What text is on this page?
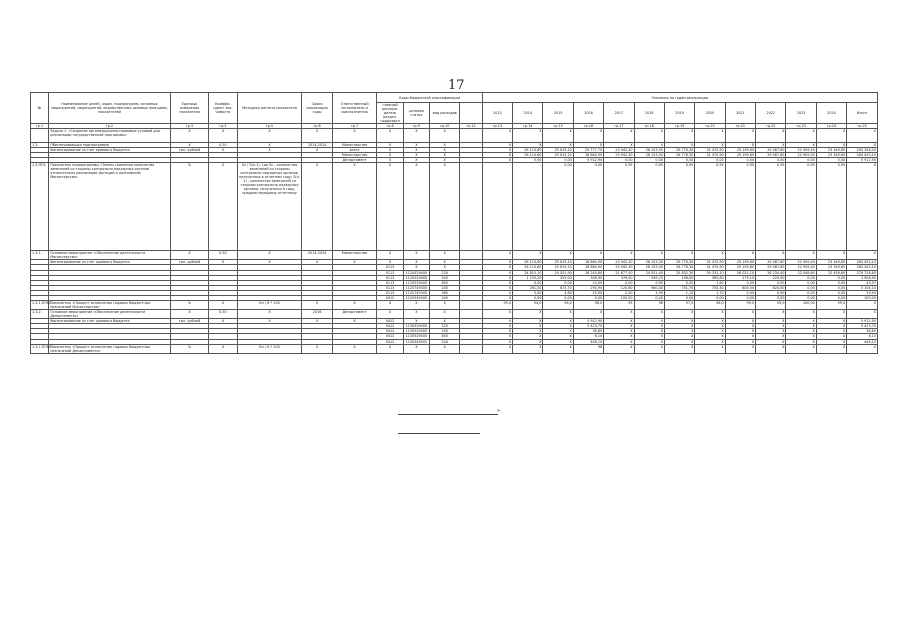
17
№	Наименование целей, задач, подпрограмм, основных мероприятий, мероприятий, ведомственных целевых программ, показателей	Единица измерения показателя	Коэффи-циент зна-чимости	Методика расчета показателя	Сроки реализации годы	Ответственный исполнитель и соисполнитель	Коды бюджетной классификации				Значения по годам реализации												
							главный распоря-дитель раздел, подраздел	целевая статья	вид расходов		2013	2014	2015	2016	2017	2018	2019	2020	2021	2022	2023	2024	Итого
гр.1	гр.2	гр.3	гр.4	гр.5	гр.6	гр.7	гр.8	гр.9	гр.10	гр.12	гр.13	гр.14	гр.15	гр.16	гр.17	гр.18	гр.19	гр.20	гр.21	гр.22	гр.23	гр.24	гр.25
	Задача 1. «Создание организационно-правовых условий для реализации государственной программы»	Х	Х	Х	Х	Х	Х	Х	Х		Х	Х	Х	Х	Х	Х	Х	Х	Х	Х	Х	Х	Х
1.3.	Обеспечивающая подпрограмма	Х	0,50	Х	2014-2024	Министерство	Х	Х	Х		Х	Х	Х	Х	Х	Х	Х	Х	Х	Х	Х	Х	Х
	Финансирование за счет краевого бюджета	тыс. рублей	Х	Х	Х	всего	Х	Х	Х		Х	26 114,60	25 819,10	29 777,70	23 942,30	26 153,50	26 778,30	31 470,90	29 199,80	29 087,80	22 909,40	23 349,60	290 356,00
						Министерство	Х	Х	Х		Х	26 114,60	25 819,10	18 864,90	23 942,30	26 153,50	26 778,30	31 470,90	29 199,80	29 087,80	22 909,40	23 349,60	284 443,10
						Департамент	Х	Х	Х		Х	0,00	0,00	5 912,90	0,00	0,00	0,00	0,00	0,00	0,00	0,00	0,00	5 912,90
1.3.ПП1	Показатель подпрограммы «Темпы снижения количества замечаний со стороны контрольно-надзорных органов относительно реализации функций и полномочий Министерства»	%	Х	Sn / S(n-1), где Sn - количество замечаний со стороны контрольно-надзорных органов, полученных в отчетном году; S(n-1) - количество замечаний со стороны контрольно-надзорных органов, полученных в году, предшествующему отчетному	Х	Х	Х	Х	Х		-	-	0,00	0,00	0,95	0,95	0,95	0,95	0,95	0,95	0,95	0,95	Х
1.3.1.	Основное мероприятие «Обеспечение деятельности Министерства»	Х	0,50	Х	2014-2024	Министерство	Х	Х	Х		Х	Х	Х	Х	Х	Х	Х	Х	Х	Х	Х	Х	Х
	Финансирование за счет краевого бюджета	тыс. рублей	Х	Х	Х	Х	Х	Х	Х		Х	26 114,60	25 819,10	18 864,90	23 942,30	26 153,50	26 778,30	31 470,90	29 199,80	29 087,80	22 909,40	23 349,60	284 443,10
							0113	Х	Х		Х	26 114,60	25 819,10	18 864,90	23 942,30	26 153,50	26 778,30	31 470,90	29 199,80	29 087,80	22 909,40	23 349,60	284 443,10
							0113	1120529400	120		Х	24 815,10	24 551,90	18 245,80	21 677,50	24 551,40	25 832,30	30 331,10	28 021,10	28 234,40	22 008,60	22 459,80	270 718,60
							0113	1120529400	240		Х	1 233,20	325,00	306,90	376,00	549,70	196,00	383,80	279,10	229,50	0,00	0,00	3 908,90
							0113	1120529400	850		Х	0,00	0,00	10,00	0,00	9,90	0,00	1,60	0,00	0,00	0,00	0,00	43,97
							0113	1120749300	240		Х	261,30	675,70	290,90	120,60	960,40	751,70	755,30	604,50	624,50	0,00	0,00	5 104,10
							0113	1120749300	360		Х	5,00	4,60	15,00	2,00	1,90	1,10	1,70	0,00	0,00	0,00	0,00	29,90
							0412	1120549400	240		Х	0,00	0,00	0,00	100,00	0,00	0,00	0,00	0,00	0,00	0,00	0,00	100,00
1.3.1.ПОМ1	Показатель «Процент исполнения годовых бюджетных назначений Министерства»	%	Х	Бн / Б * 100	Х	Х	Х	Х	Х		95,0	94,0	96,0	98,0	95	96	97,0	98,0	99,0	99,0	100,00	99,0	Х
1.3.2.	Основное мероприятие «Обеспечение деятельности Департамента»	Х	0,50	Х	2016	Департамент	Х	Х	Х		Х	Х	Х	Х	Х	Х	Х	Х	Х	Х	Х	Х	Х
	Финансирование за счет краевого бюджета	тыс. рублей	Х	Х	Х	Х	0412	Х	Х		Х	Х	Х	5 912,90	Х	Х	Х	Х	Х	Х	Х	Х	5 912,90
							0412	1130529400	120		Х	Х	Х	5 423,70	Х	Х	Х	Х	Х	Х	Х	Х	5 423,70
							0412	1130529400	240		Х	Х	Х	36,80	Х	Х	Х	Х	Х	Х	Х	Х	36,80
							0412	1130529400	850		Х	Х	Х	6,10	Х	Х	Х	Х	Х	Х	Х	Х	6,10
							0412	1130549400	240		Х	Х	Х	446,10	Х	Х	Х	Х	Х	Х	Х	Х	446,10
1.3.2.ПОМ1	Показатель «Процент исполнения годовых бюджетных назначений Департамента»	%	Х	Бн / Б * 100	Х	Х	Х	Х	Х		Х	Х	Х	98	Х	Х	Х	Х	Х	Х	Х	Х	Х
»
